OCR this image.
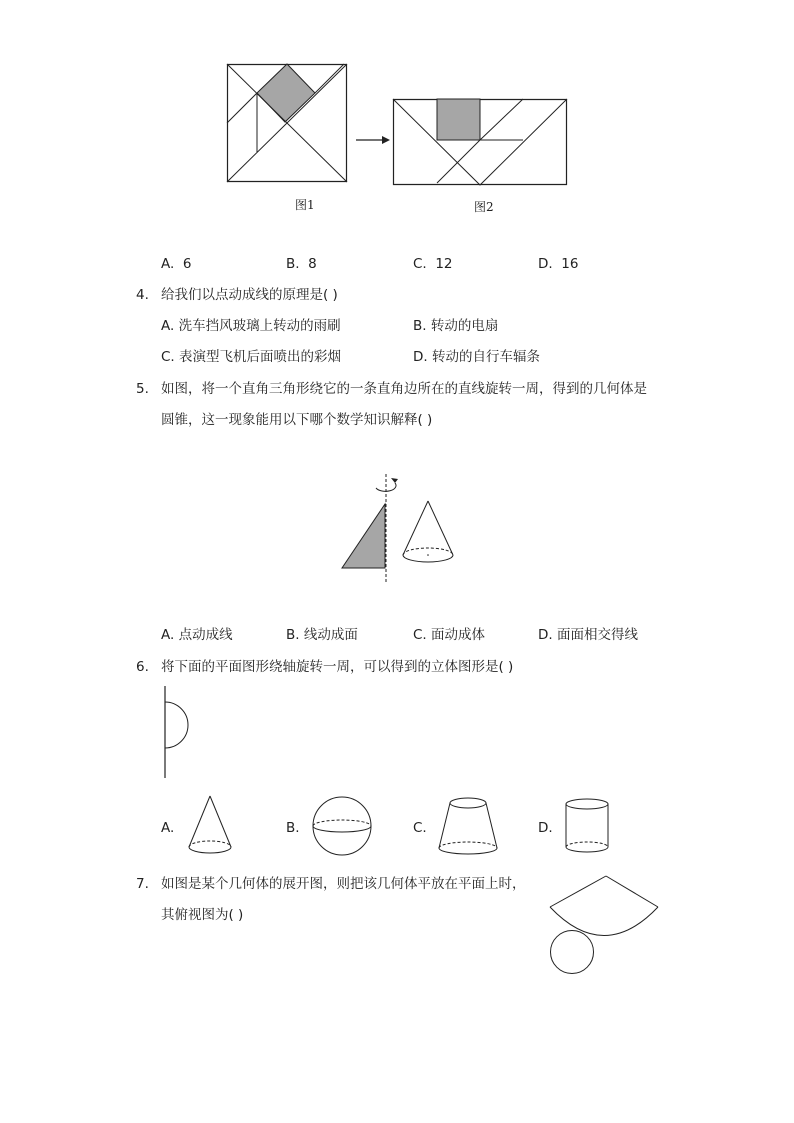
图1	图2
A. 6	B. 8	C. 12	D. 16
4. 给我们以点动成线的原理是( )
A. 洗车挡风玻璃上转动的雨刷	B. 转动的电扇
C. 表演型飞机后面喷出的彩烟	D. 转动的自行车辐条
5. 如图，将一个直角三角形绕它的一条直角边所在的直线旋转一周，得到的几何体是
圆锥，这一现象能用以下哪个数学知识解释( )
A. 点动成线	B. 线动成面	C. 面动成体	D. 面面相交得线
6. 将下面的平面图形绕轴旋转一周，可以得到的立体图形是( )
A.	B.	C.	D.
7. 如图是某个几何体的展开图，则把该几何体平放在平面上时，
其俯视图为( )
